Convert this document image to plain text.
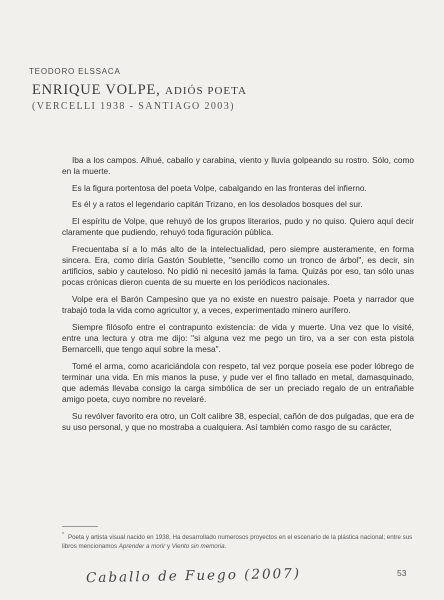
TEODORO ELSSACA
ENRIQUE VOLPE, ADIÓS POETA
(VERCELLI 1938 - SANTIAGO 2003)

Iba a los campos. Alhué, caballo y carabina, viento y lluvia golpeando su rostro. Sólo, como en la muerte.

Es la figura portentosa del poeta Volpe, cabalgando en las fronteras del infierno.

Es él y a ratos el legendario capitán Trizano, en los desolados bosques del sur.

El espíritu de Volpe, que rehuyó de los grupos literarios, pudo y no quiso. Quiero aquí decir claramente que pudiendo, rehuyó toda figuración pública.

Frecuentaba sí a lo más alto de la intelectualidad, pero siempre austeramente, en forma sincera. Era, como diría Gastón Soublette, "sencillo como un tronco de árbol", es decir, sin artificios, sabio y cauteloso. No pidió ni necesitó jamás la fama. Quizás por eso, tan sólo unas pocas crónicas dieron cuenta de su muerte en los periódicos nacionales.

Volpe era el Barón Campesino que ya no existe en nuestro paisaje. Poeta y narrador que trabajó toda la vida como agricultor y, a veces, experimentado minero aurífero.

Siempre filósofo entre el contrapunto existencia: de vida y muerte. Una vez que lo visité, entre una lectura y otra me dijo: "si alguna vez me pego un tiro, va a ser con esta pistola Bernarcelli, que tengo aquí sobre la mesa".

Tomé el arma, como acariciándola con respeto, tal vez porque poseía ese poder lóbrego de terminar una vida. En mis manos la puse, y pude ver el fino tallado en metal, damasquinado, que además llevaba consigo la carga simbólica de ser un preciado regalo de un entrañable amigo poeta, cuyo nombre no revelaré.

Su revólver favorito era otro, un Colt calibre 38, especial, cañón de dos pulgadas, que era de su uso personal, y que no mostraba a cualquiera. Así también como rasgo de su carácter,

* Poeta y artista visual nacido en 1938. Ha desarrollado numerosos proyectos en el escenario de la plástica nacional; entre sus libros mencionamos Aprender a morir y Viento sin memoria.
Caballo de Fuego (2007)	53
